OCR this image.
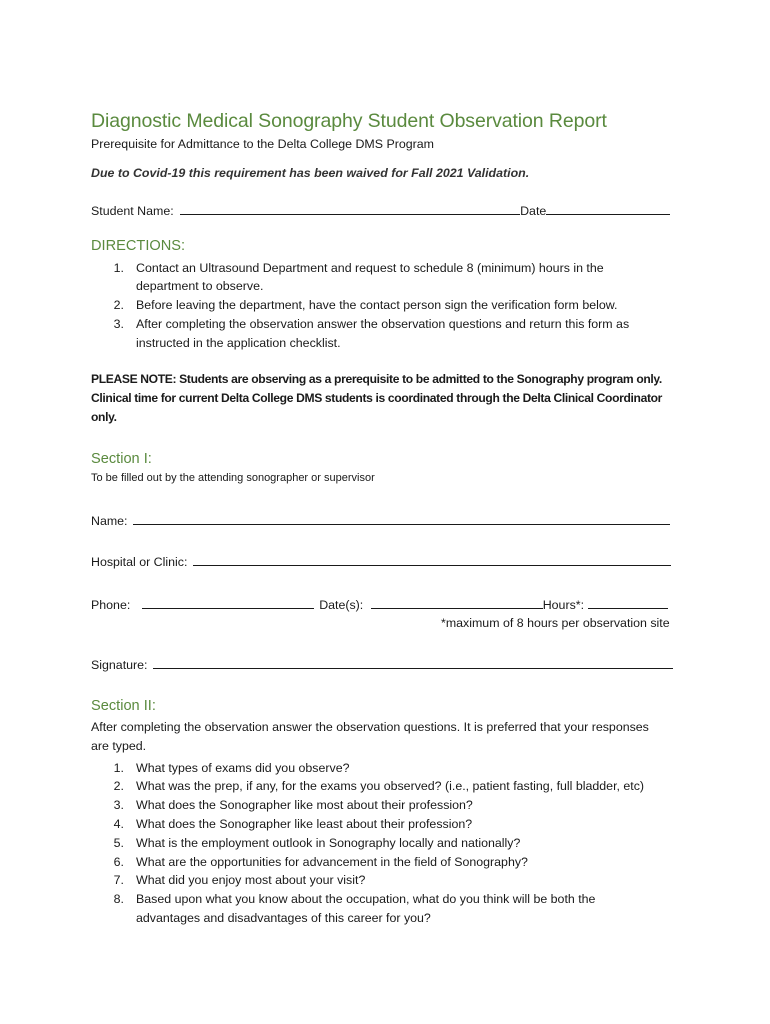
Diagnostic Medical Sonography Student Observation Report
Prerequisite for Admittance to the Delta College DMS Program
Due to Covid-19 this requirement has been waived for Fall 2021 Validation.
Student Name:	Date
DIRECTIONS:
1. Contact an Ultrasound Department and request to schedule 8 (minimum) hours in the
department to observe.
2. Before leaving the department, have the contact person sign the verification form below.
3. After completing the observation answer the observation questions and return this form as
instructed in the application checklist.
PLEASE NOTE: Students are observing as a prerequisite to be admitted to the Sonography program only.
Clinical time for current Delta College DMS students is coordinated through the Delta Clinical Coordinator
only.
Section I:
To be filled out by the attending sonographer or supervisor
Name:
Hospital or Clinic:
Phone:	Date(s):	Hours*:
*maximum of 8 hours per observation site
Signature:
Section II:
After completing the observation answer the observation questions. It is preferred that your responses
are typed.
1. What types of exams did you observe?
2. What was the prep, if any, for the exams you observed? (i.e., patient fasting, full bladder, etc)
3. What does the Sonographer like most about their profession?
4. What does the Sonographer like least about their profession?
5. What is the employment outlook in Sonography locally and nationally?
6. What are the opportunities for advancement in the field of Sonography?
7. What did you enjoy most about your visit?
8. Based upon what you know about the occupation, what do you think will be both the
advantages and disadvantages of this career for you?
